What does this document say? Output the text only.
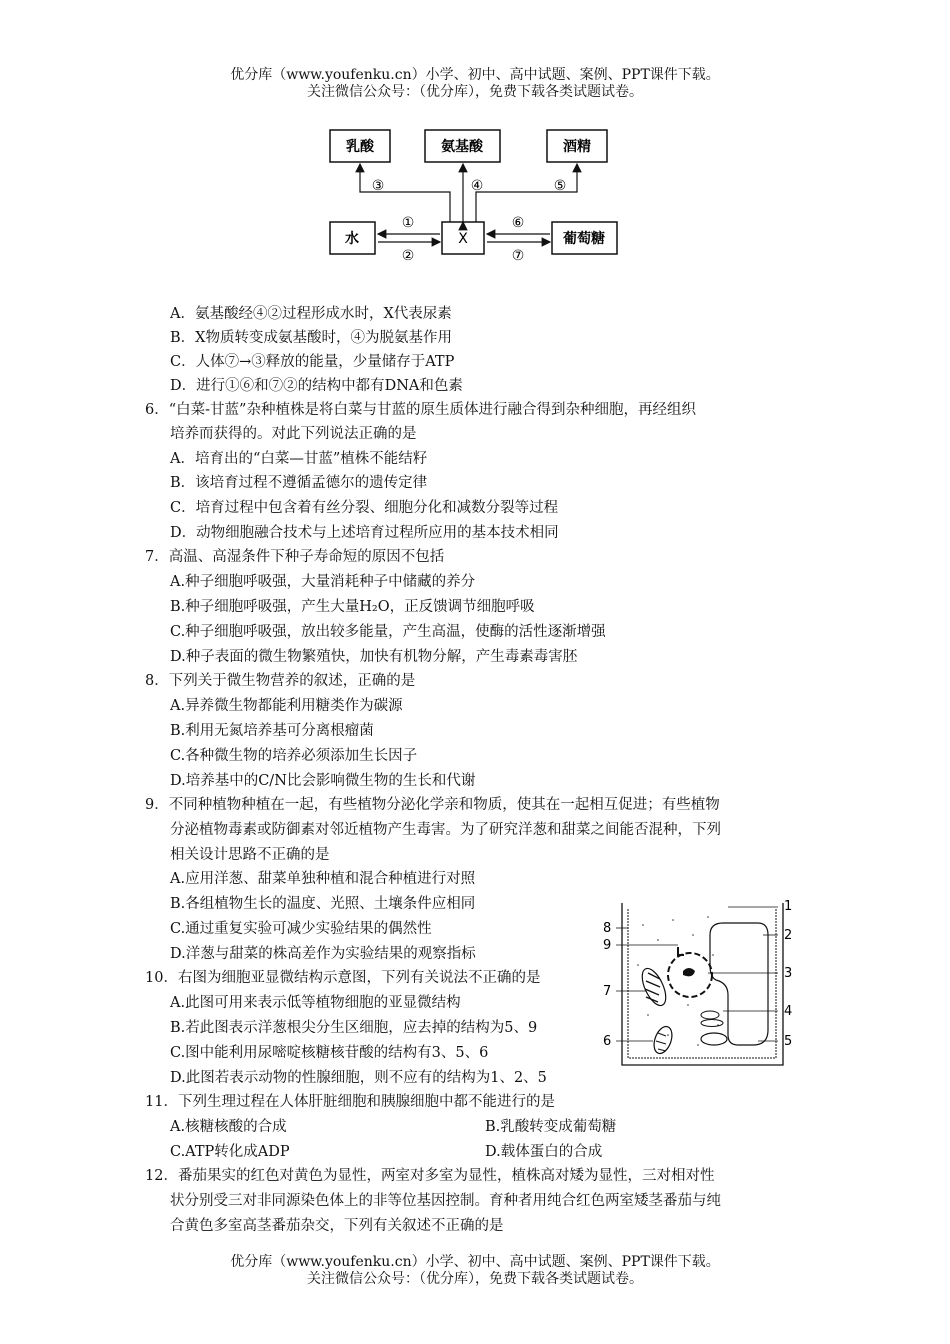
优分库（www.youfenku.cn）小学、初中、高中试题、案例、PPT课件下载。
关注微信公众号：（优分库），免费下载各类试题试卷。
乳酸	氨基酸	酒精
水	X	葡萄糖
③	④	⑤
①
②
⑥
⑦
A．氨基酸经④②过程形成水时，X代表尿素
B．X物质转变成氨基酸时，④为脱氨基作用
C．人体⑦→③释放的能量，少量储存于ATP
D．进行①⑥和⑦②的结构中都有DNA和色素
6．“白菜-甘蓝”杂种植株是将白菜与甘蓝的原生质体进行融合得到杂种细胞，再经组织
培养而获得的。对此下列说法正确的是
A．培育出的“白菜—甘蓝”植株不能结籽
B．该培育过程不遵循孟德尔的遗传定律
C．培育过程中包含着有丝分裂、细胞分化和减数分裂等过程
D．动物细胞融合技术与上述培育过程所应用的基本技术相同
7．高温、高湿条件下种子寿命短的原因不包括
A.种子细胞呼吸强，大量消耗种子中储藏的养分
B.种子细胞呼吸强，产生大量H₂O，正反馈调节细胞呼吸
C.种子细胞呼吸强，放出较多能量，产生高温，使酶的活性逐渐增强
D.种子表面的微生物繁殖快，加快有机物分解，产生毒素毒害胚
8．下列关于微生物营养的叙述，正确的是
A.异养微生物都能利用糖类作为碳源
B.利用无氮培养基可分离根瘤菌
C.各种微生物的培养必须添加生长因子
D.培养基中的C/N比会影响微生物的生长和代谢
9．不同种植物种植在一起，有些植物分泌化学亲和物质，使其在一起相互促进；有些植物
分泌植物毒素或防御素对邻近植物产生毒害。为了研究洋葱和甜菜之间能否混种，下列
相关设计思路不正确的是
A.应用洋葱、甜菜单独种植和混合种植进行对照
B.各组植物生长的温度、光照、土壤条件应相同
C.通过重复实验可减少实验结果的偶然性
D.洋葱与甜菜的株高差作为实验结果的观察指标
10．右图为细胞亚显微结构示意图，下列有关说法不正确的是
A.此图可用来表示低等植物细胞的亚显微结构
B.若此图表示洋葱根尖分生区细胞，应去掉的结构为5、9
C.图中能利用尿嘧啶核糖核苷酸的结构有3、5、6
D.此图若表示动物的性腺细胞，则不应有的结构为1、2、5
1
2
3
4
5
6
7
8
9
11．下列生理过程在人体肝脏细胞和胰腺细胞中都不能进行的是
A.核糖核酸的合成	B.乳酸转变成葡萄糖
C.ATP转化成ADP	D.载体蛋白的合成
12．番茄果实的红色对黄色为显性，两室对多室为显性，植株高对矮为显性，三对相对性
状分别受三对非同源染色体上的非等位基因控制。育种者用纯合红色两室矮茎番茄与纯
合黄色多室高茎番茄杂交，下列有关叙述不正确的是
优分库（www.youfenku.cn）小学、初中、高中试题、案例、PPT课件下载。
关注微信公众号：（优分库），免费下载各类试题试卷。
